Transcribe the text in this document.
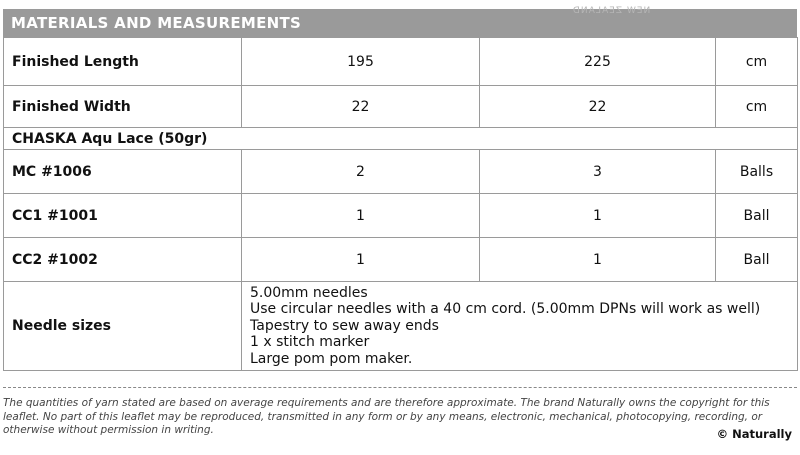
MATERIALS AND MEASUREMENTS
NEW ZEALAND
Finished Length	195	225	cm
Finished Width	22	22	cm
CHASKA Aqu Lace (50gr)			
MC #1006	2	3	Balls
CC1 #1001	1	1	Ball
CC2 #1002	1	1	Ball
Needle sizes	5.00mm needles
Use circular needles with a 40 cm cord. (5.00mm DPNs will work as well)
Tapestry to sew away ends
1 x stitch marker
Large pom pom maker.		
The quantities of yarn stated are based on average requirements and are therefore approximate. The brand Naturally owns the copyright for this leaflet. No part of this leaflet may be reproduced, transmitted in any form or by any means, electronic, mechanical, photocopying, recording, or otherwise without permission in writing.	© Naturally
